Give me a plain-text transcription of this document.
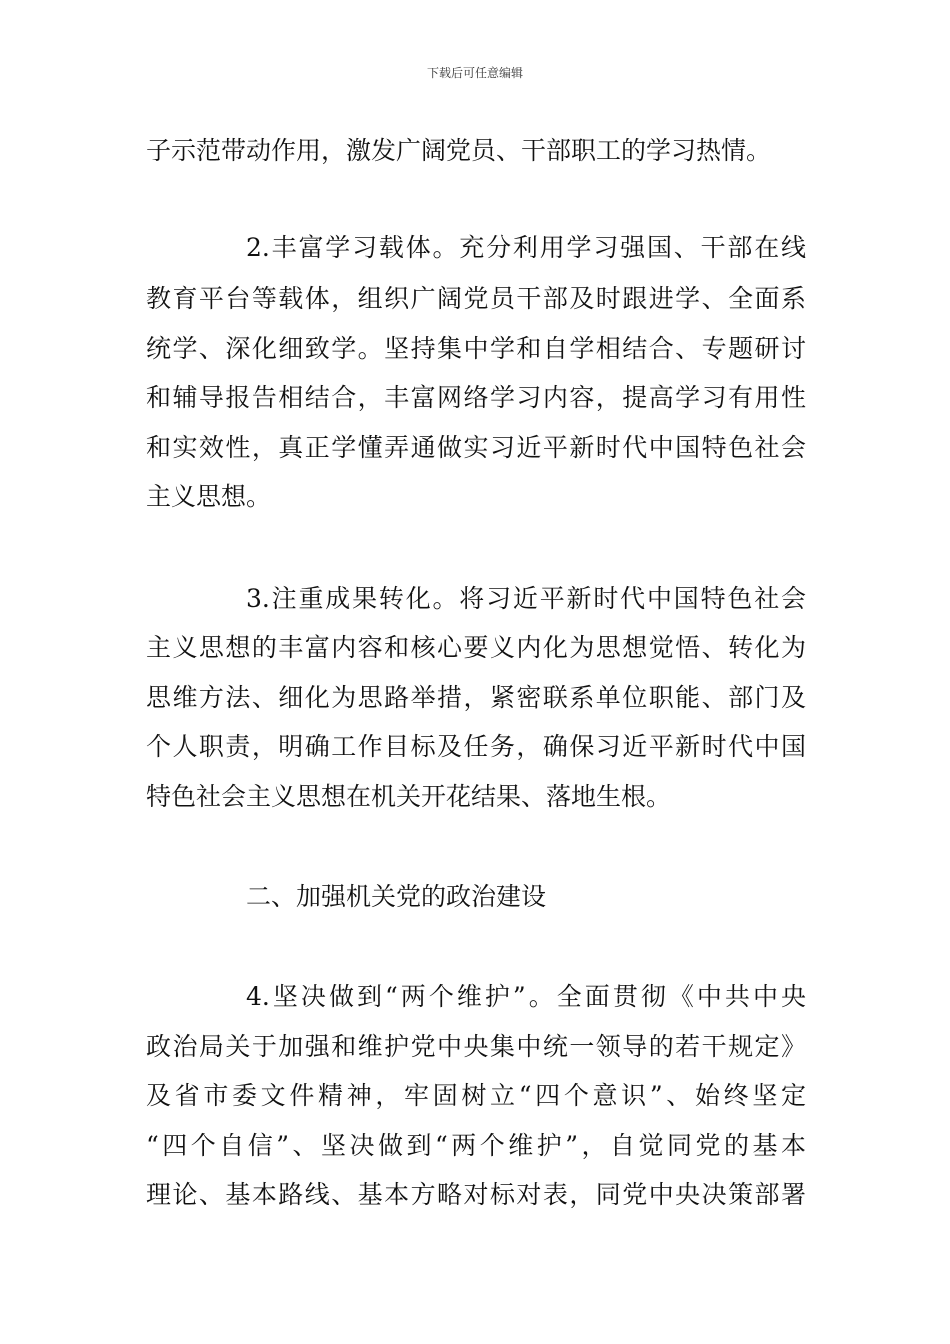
下载后可任意编辑
子示范带动作用，激发广阔党员、干部职工的学习热情。
2.丰富学习载体。充分利用学习强国、干部在线
教育平台等载体，组织广阔党员干部及时跟进学、全面系
统学、深化细致学。坚持集中学和自学相结合、专题研讨
和辅导报告相结合，丰富网络学习内容，提高学习有用性
和实效性，真正学懂弄通做实习近平新时代中国特色社会
主义思想。
3.注重成果转化。将习近平新时代中国特色社会
主义思想的丰富内容和核心要义内化为思想觉悟、转化为
思维方法、细化为思路举措，紧密联系单位职能、部门及
个人职责，明确工作目标及任务，确保习近平新时代中国
特色社会主义思想在机关开花结果、落地生根。
二、加强机关党的政治建设
4.坚决做到“两个维护”。全面贯彻《中共中央
政治局关于加强和维护党中央集中统一领导的若干规定》
及省市委文件精神，牢固树立“四个意识”、始终坚定
“四个自信”、坚决做到“两个维护”，自觉同党的基本
理论、基本路线、基本方略对标对表，同党中央决策部署
